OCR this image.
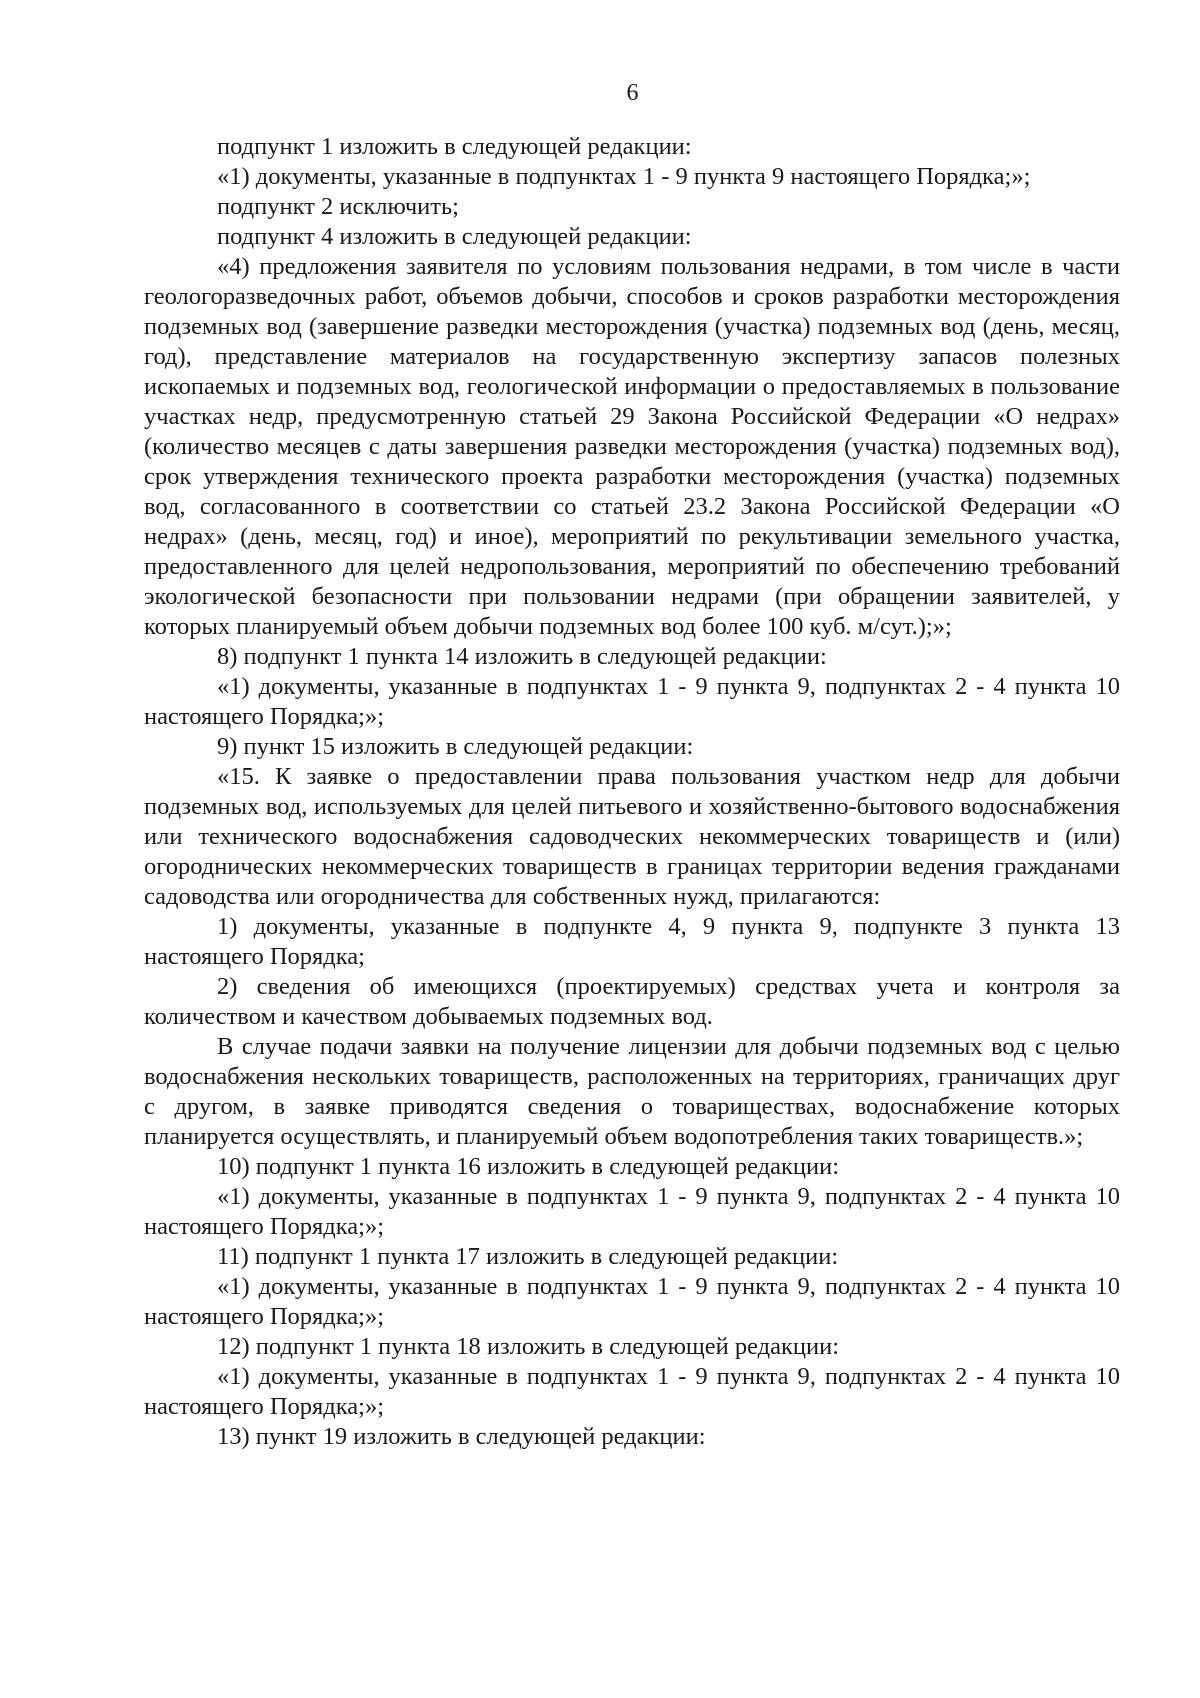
6

подпункт 1 изложить в следующей редакции:

«1) документы, указанные в подпунктах 1 - 9 пункта 9 настоящего Порядка;»;

подпункт 2 исключить;

подпункт 4 изложить в следующей редакции:

«4) предложения заявителя по условиям пользования недрами, в том числе в части геологоразведочных работ, объемов добычи, способов и сроков разработки месторождения подземных вод (завершение разведки месторождения (участка) подземных вод (день, месяц, год), представление материалов на государственную экспертизу запасов полезных ископаемых и подземных вод, геологической информации о предоставляемых в пользование участках недр, предусмотренную статьей 29 Закона Российской Федерации «О недрах» (количество месяцев с даты завершения разведки месторождения (участка) подземных вод), срок утверждения технического проекта разработки месторождения (участка) подземных вод, согласованного в соответствии со статьей 23.2 Закона Российской Федерации «О недрах» (день, месяц, год) и иное), мероприятий по рекультивации земельного участка, предоставленного для целей недропользования, мероприятий по обеспечению требований экологической безопасности при пользовании недрами (при обращении заявителей, у которых планируемый объем добычи подземных вод более 100 куб. м/сут.);»;

8) подпункт 1 пункта 14 изложить в следующей редакции:

«1) документы, указанные в подпунктах 1 - 9 пункта 9, подпунктах 2 - 4 пункта 10 настоящего Порядка;»;

9) пункт 15 изложить в следующей редакции:

«15. К заявке о предоставлении права пользования участком недр для добычи подземных вод, используемых для целей питьевого и хозяйственно-бытового водоснабжения или технического водоснабжения садоводческих некоммерческих товариществ и (или) огороднических некоммерческих товариществ в границах территории ведения гражданами садоводства или огородничества для собственных нужд, прилагаются:

1) документы, указанные в подпункте 4, 9 пункта 9, подпункте 3 пункта 13 настоящего Порядка;

2) сведения об имеющихся (проектируемых) средствах учета и контроля за количеством и качеством добываемых подземных вод.

В случае подачи заявки на получение лицензии для добычи подземных вод с целью водоснабжения нескольких товариществ, расположенных на территориях, граничащих друг с другом, в заявке приводятся сведения о товариществах, водоснабжение которых планируется осуществлять, и планируемый объем водопотребления таких товариществ.»;

10) подпункт 1 пункта 16 изложить в следующей редакции:

«1) документы, указанные в подпунктах 1 - 9 пункта 9, подпунктах 2 - 4 пункта 10 настоящего Порядка;»;

11) подпункт 1 пункта 17 изложить в следующей редакции:

«1) документы, указанные в подпунктах 1 - 9 пункта 9, подпунктах 2 - 4 пункта 10 настоящего Порядка;»;

12) подпункт 1 пункта 18 изложить в следующей редакции:

«1) документы, указанные в подпунктах 1 - 9 пункта 9, подпунктах 2 - 4 пункта 10 настоящего Порядка;»;

13) пункт 19 изложить в следующей редакции:
